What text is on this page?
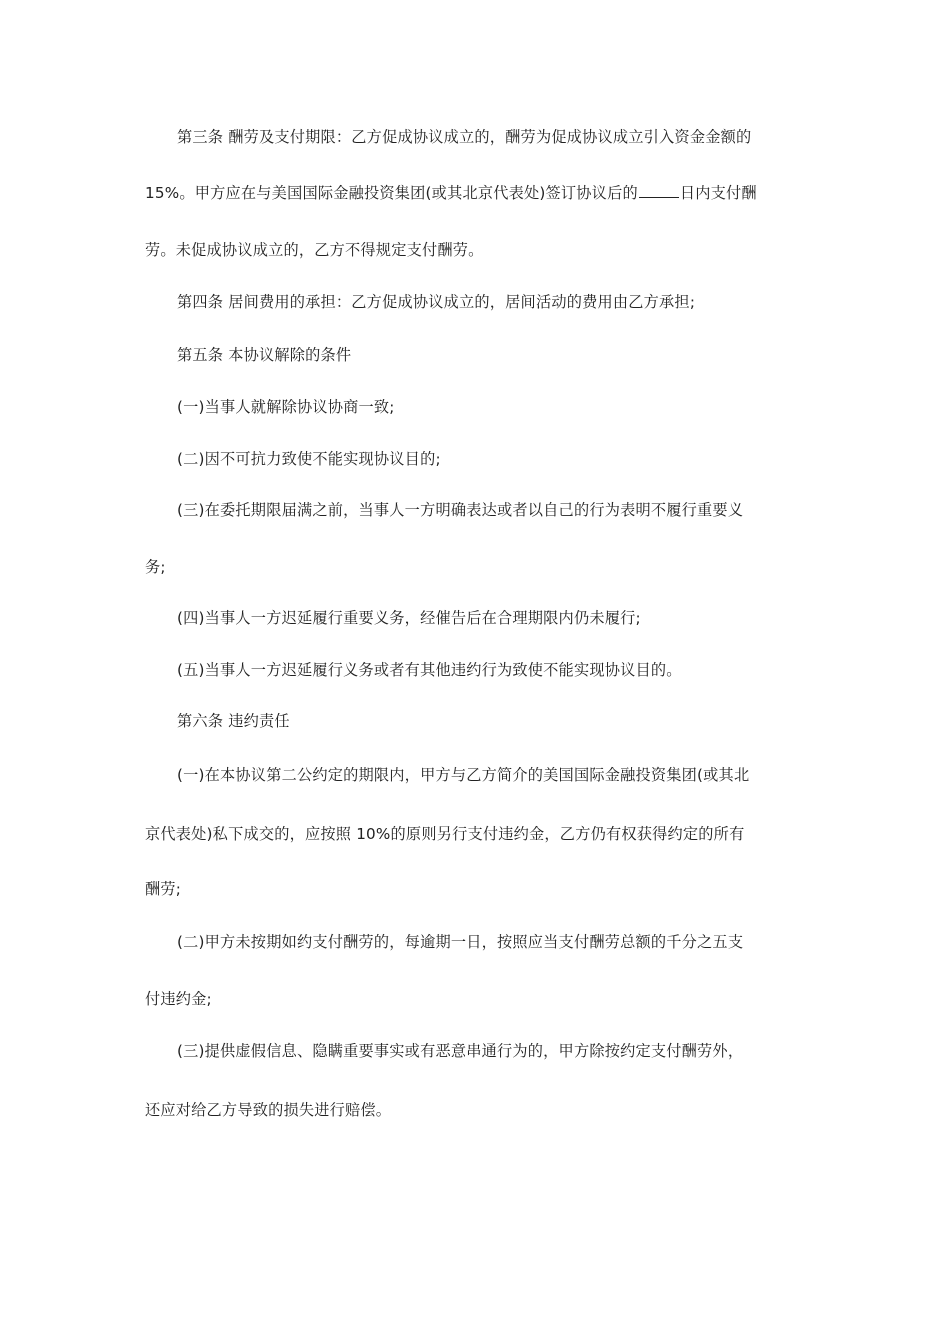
第三条 酬劳及支付期限：乙方促成协议成立的，酬劳为促成协议成立引入资金金额的
15%。甲方应在与美国国际金融投资集团(或其北京代表处)签订协议后的	日内支付酬
劳。未促成协议成立的，乙方不得规定支付酬劳。
第四条 居间费用的承担：乙方促成协议成立的，居间活动的费用由乙方承担;
第五条 本协议解除的条件
(一)当事人就解除协议协商一致;
(二)因不可抗力致使不能实现协议目的;
(三)在委托期限届满之前，当事人一方明确表达或者以自己的行为表明不履行重要义
务;
(四)当事人一方迟延履行重要义务，经催告后在合理期限内仍未履行;
(五)当事人一方迟延履行义务或者有其他违约行为致使不能实现协议目的。
第六条 违约责任
(一)在本协议第二公约定的期限内，甲方与乙方简介的美国国际金融投资集团(或其北
京代表处)私下成交的，应按照 10%的原则另行支付违约金，乙方仍有权获得约定的所有
酬劳;
(二)甲方未按期如约支付酬劳的，每逾期一日，按照应当支付酬劳总额的千分之五支
付违约金;
(三)提供虚假信息、隐瞒重要事实或有恶意串通行为的，甲方除按约定支付酬劳外，
还应对给乙方导致的损失进行赔偿。
